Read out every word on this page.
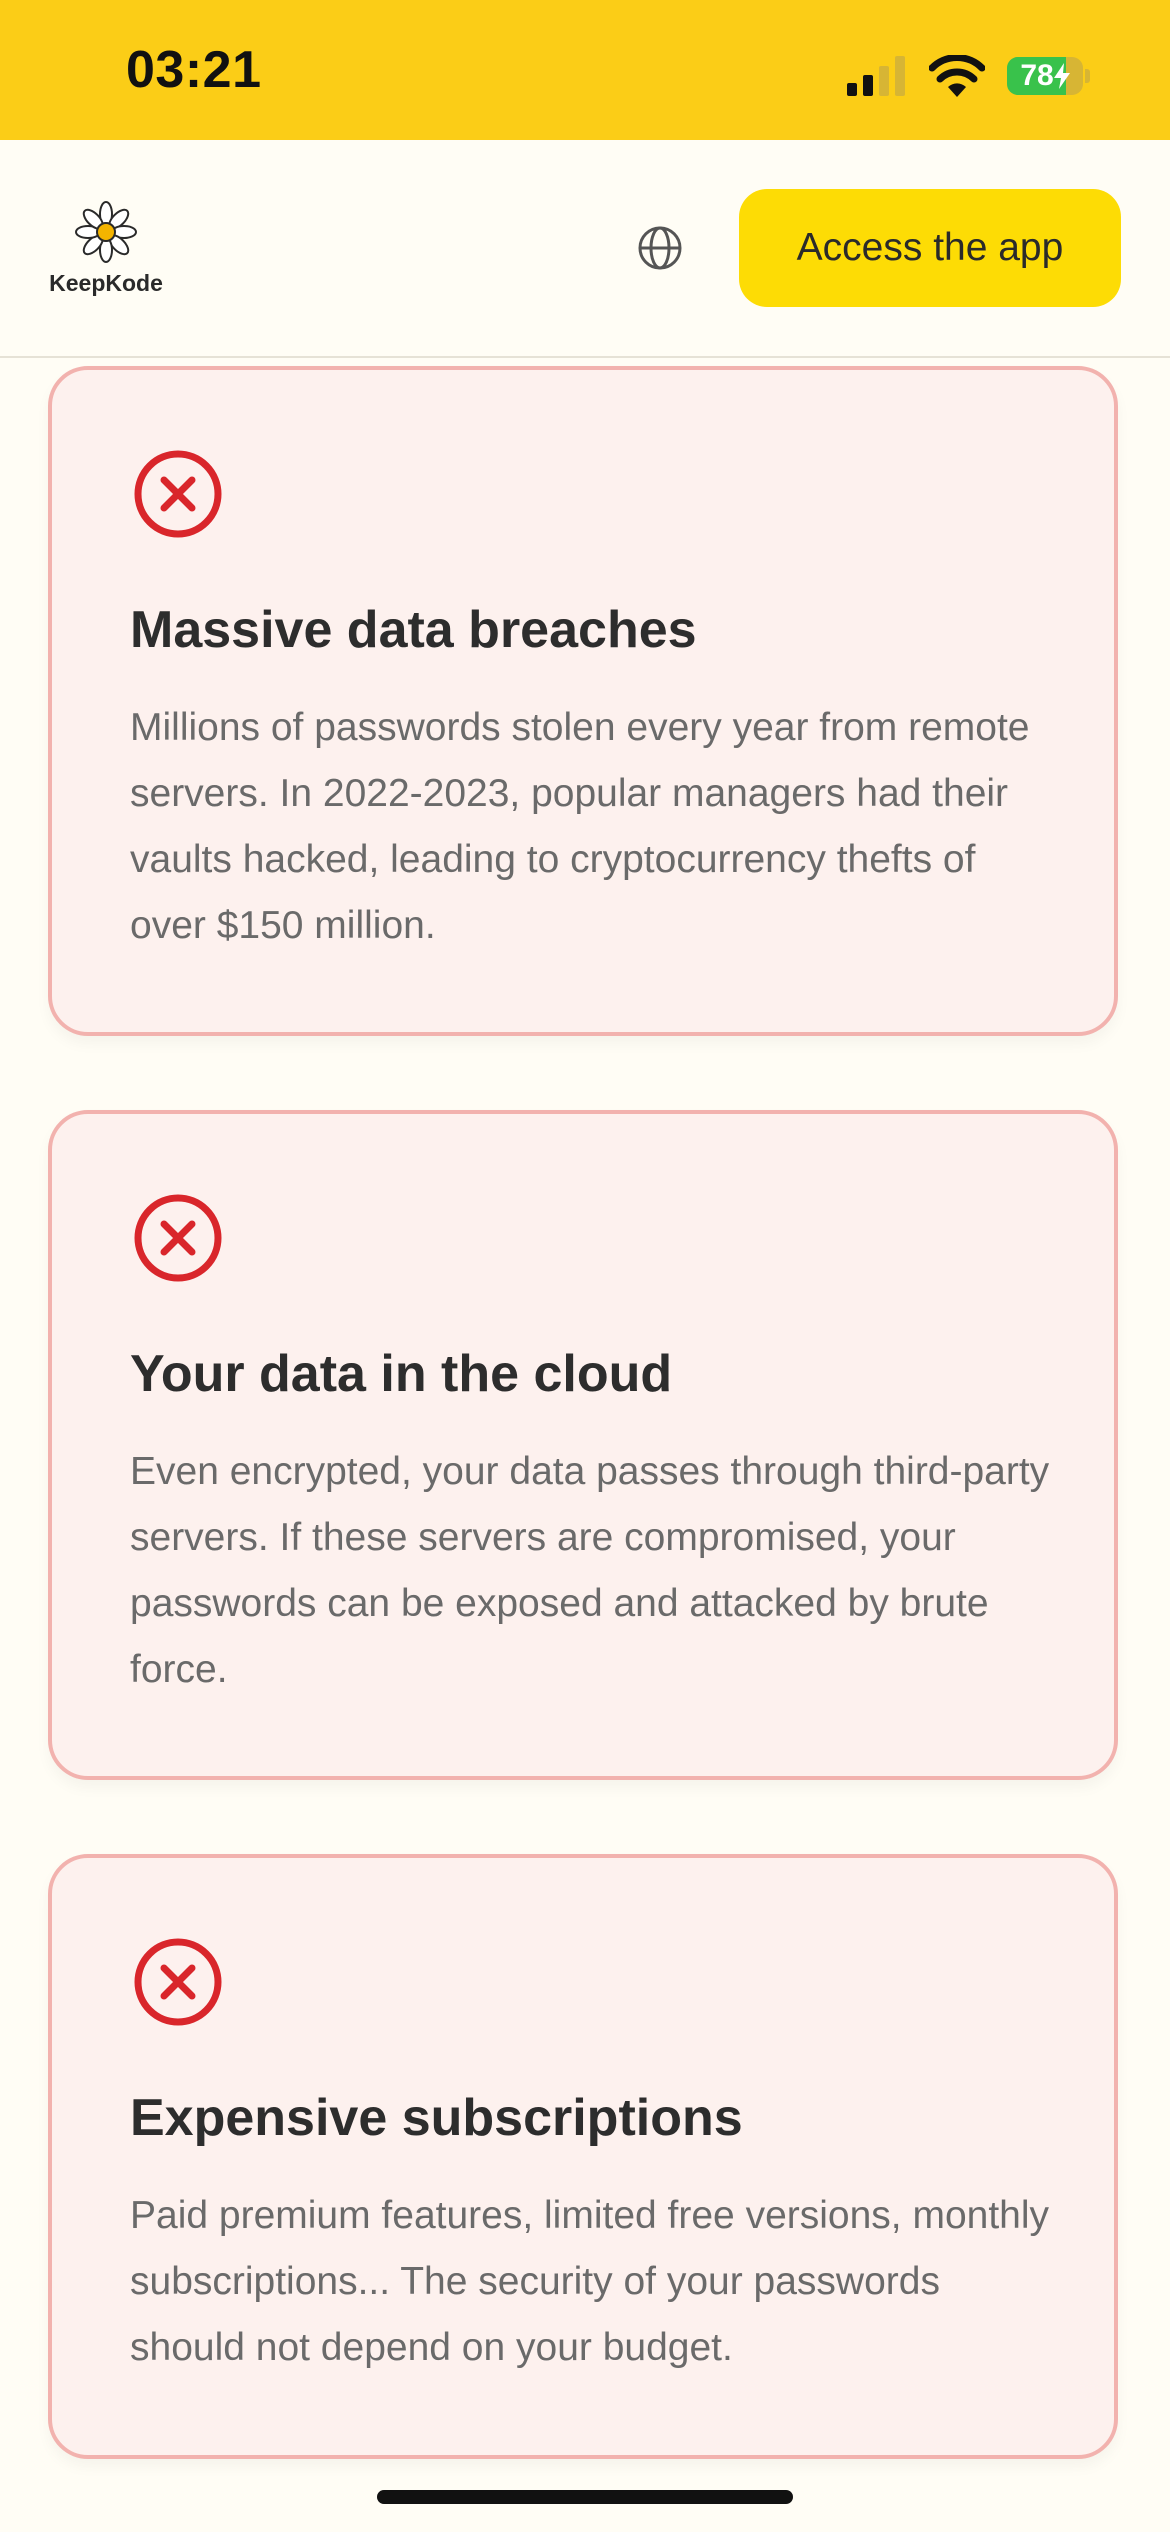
03:21	78
KeepKode
Access the app
Massive data breaches

Millions of passwords stolen every year from remote servers. In 2022-2023, popular managers had their vaults hacked, leading to cryptocurrency thefts of over $150 million.

Your data in the cloud

Even encrypted, your data passes through third-party servers. If these servers are compromised, your passwords can be exposed and attacked by brute force.

Expensive subscriptions

Paid premium features, limited free versions, monthly subscriptions... The security of your passwords should not depend on your budget.
